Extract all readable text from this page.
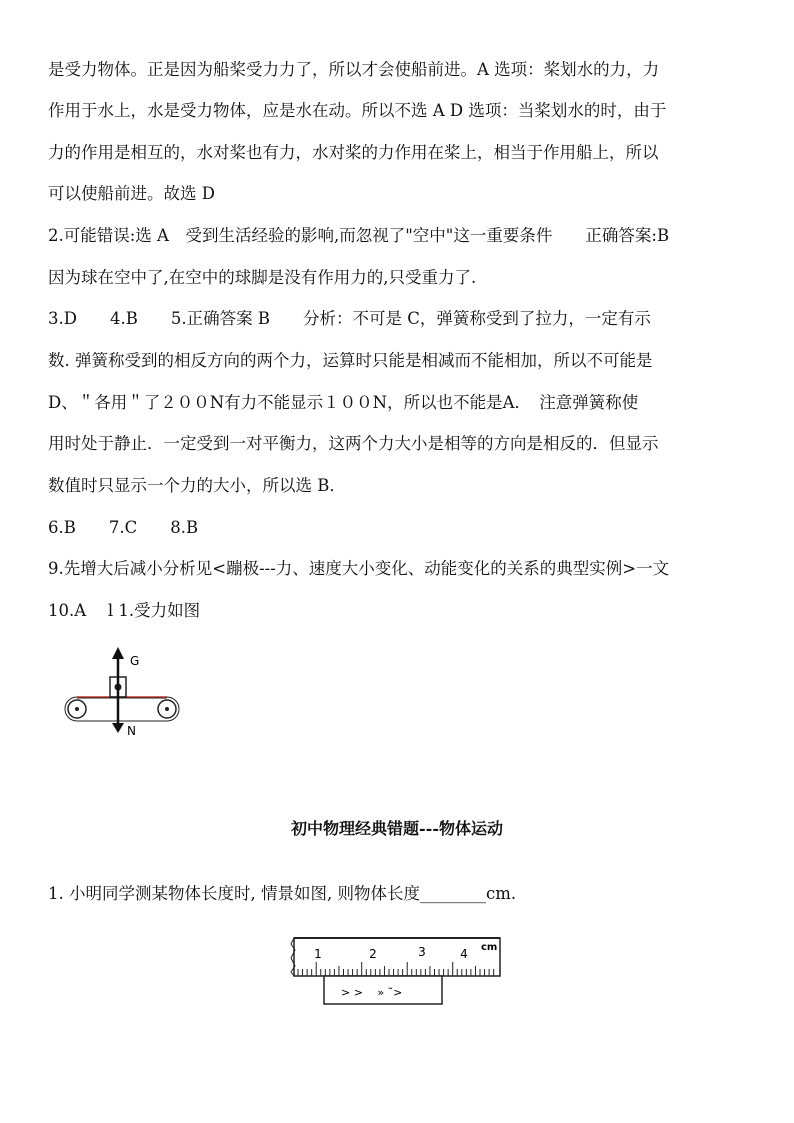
是受力物体。正是因为船桨受力力了，所以才会使船前进。A 选项：桨划水的力，力
作用于水上，水是受力物体，应是水在动。所以不选 A D 选项：当桨划水的时，由于
力的作用是相互的，水对桨也有力，水对桨的力作用在桨上，相当于作用船上，所以
可以使船前进。故选 D
2.可能错误:选 A　受到生活经验的影响,而忽视了"空中"这一重要条件　　正确答案:B
因为球在空中了,在空中的球脚是没有作用力的,只受重力了.
3.D　　4.B　　5.正确答案 B　　分析：不可是 C，弹簧称受到了拉力，一定有示
数. 弹簧称受到的相反方向的两个力，运算时只能是相减而不能相加，所以不可能是
D、＂各用＂了２００N有力不能显示１００N，所以也不能是A．　注意弹簧称使
用时处于静止．一定受到一对平衡力，这两个力大小是相等的方向是相反的．但显示
数值时只显示一个力的大小，所以选 B．
6.B　　7.C　　8.B
9.先增大后减小分析见<蹦极---力、速度大小变化、动能变化的关系的典型实例>一文
10.A　 l 1.受力如图
G
N
初中物理经典错题---物体运动
1. 小明同学测某物体长度时, 情景如图, 则物体长度________cm.
1	2	3	4 cm
> >　 » ˜>
